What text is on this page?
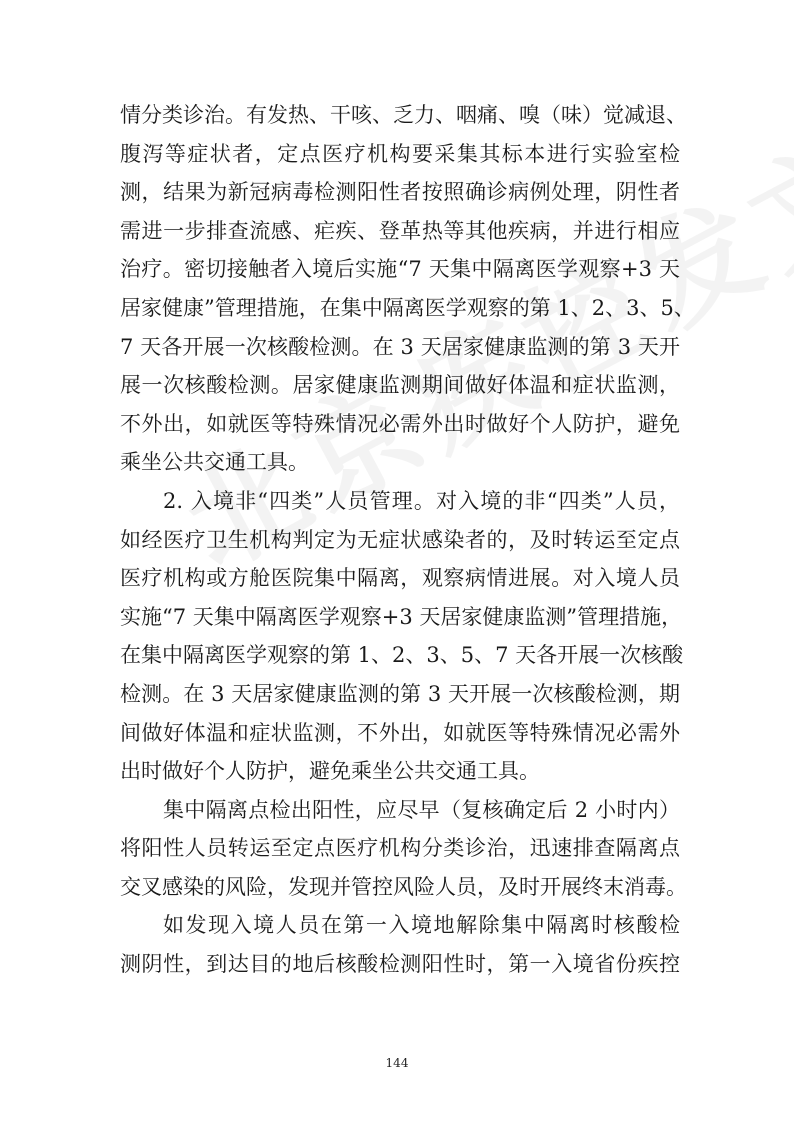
情分类诊治。有发热、干咳、乏力、咽痛、嗅（味）觉减退、
腹泻等症状者，定点医疗机构要采集其标本进行实验室检
测，结果为新冠病毒检测阳性者按照确诊病例处理，阴性者
需进一步排查流感、疟疾、登革热等其他疾病，并进行相应
治疗。密切接触者入境后实施“7 天集中隔离医学观察+3 天
居家健康”管理措施，在集中隔离医学观察的第 1、2、3、5、
7 天各开展一次核酸检测。在 3 天居家健康监测的第 3 天开
展一次核酸检测。居家健康监测期间做好体温和症状监测，
不外出，如就医等特殊情况必需外出时做好个人防护，避免
乘坐公共交通工具。
2. 入境非“四类”人员管理。对入境的非“四类”人员，
如经医疗卫生机构判定为无症状感染者的，及时转运至定点
医疗机构或方舱医院集中隔离，观察病情进展。对入境人员
实施“7 天集中隔离医学观察+3 天居家健康监测”管理措施，
在集中隔离医学观察的第 1、2、3、5、7 天各开展一次核酸
检测。在 3 天居家健康监测的第 3 天开展一次核酸检测，期
间做好体温和症状监测，不外出，如就医等特殊情况必需外
出时做好个人防护，避免乘坐公共交通工具。
集中隔离点检出阳性，应尽早（复核确定后 2 小时内）
将阳性人员转运至定点医疗机构分类诊治，迅速排查隔离点
交叉感染的风险，发现并管控风险人员，及时开展终末消毒。
如发现入境人员在第一入境地解除集中隔离时核酸检
测阴性，到达目的地后核酸检测阳性时，第一入境省份疾控
144
